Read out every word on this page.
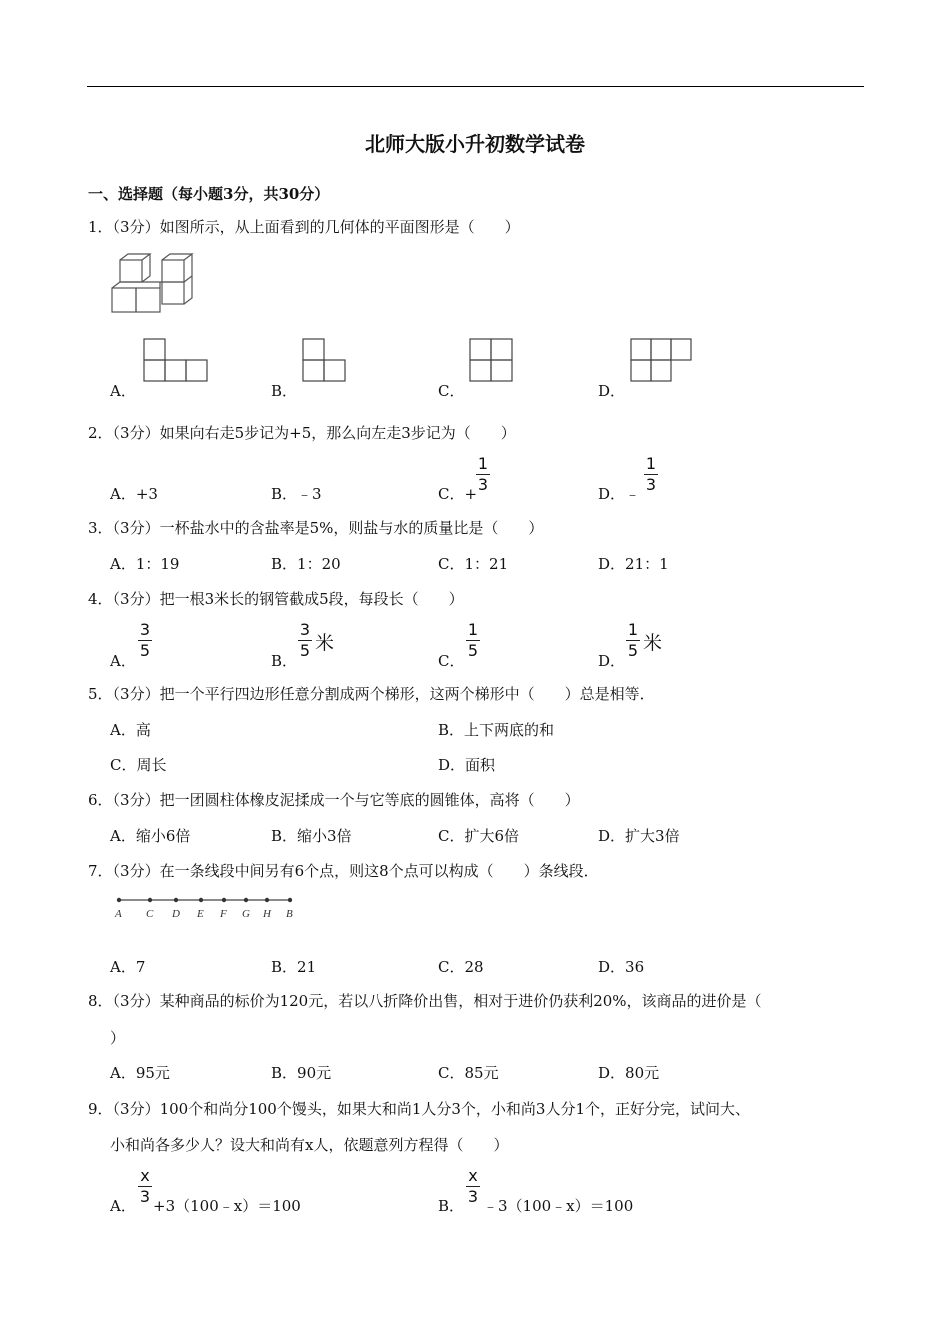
北师大版小升初数学试卷
一、选择题（每小题3分，共30分）
1．（3分）如图所示，从上面看到的几何体的平面图形是（　　）
A．	B．	C．	D．
2．（3分）如果向右走5步记为+5，那么向左走3步记为（　　）
A．+3	B．﹣3	C．+
1
3	D．﹣
1
3
3．（3分）一杯盐水中的含盐率是5%，则盐与水的质量比是（　　）
A．1：19	B．1：20	C．1：21	D．21：1
4．（3分）把一根3米长的钢管截成5段，每段长（　　）
A．
3
5
B．
3
5 米
C．
1
5
D．
1
5 米
5．（3分）把一个平行四边形任意分割成两个梯形，这两个梯形中（　　）总是相等．
A．高	B．上下两底的和
C．周长	D．面积
6．（3分）把一团圆柱体橡皮泥揉成一个与它等底的圆锥体，高将（　　）
A．缩小6倍	B．缩小3倍	C．扩大6倍	D．扩大3倍
7．（3分）在一条线段中间另有6个点，则这8个点可以构成（　　）条线段．
A C D E F G H B
A．7	B．21	C．28	D．36
8．（3分）某种商品的标价为120元，若以八折降价出售，相对于进价仍获利20%，该商品的进价是（
）
A．95元	B．90元	C．85元	D．80元
9．（3分）100个和尚分100个馒头，如果大和尚1人分3个，小和尚3人分1个，正好分完，试问大、
小和尚各多少人？设大和尚有x人，依题意列方程得（　　）
A．
x
3 +3（100﹣x）＝100	B．
x
3 ﹣3（100﹣x）＝100
